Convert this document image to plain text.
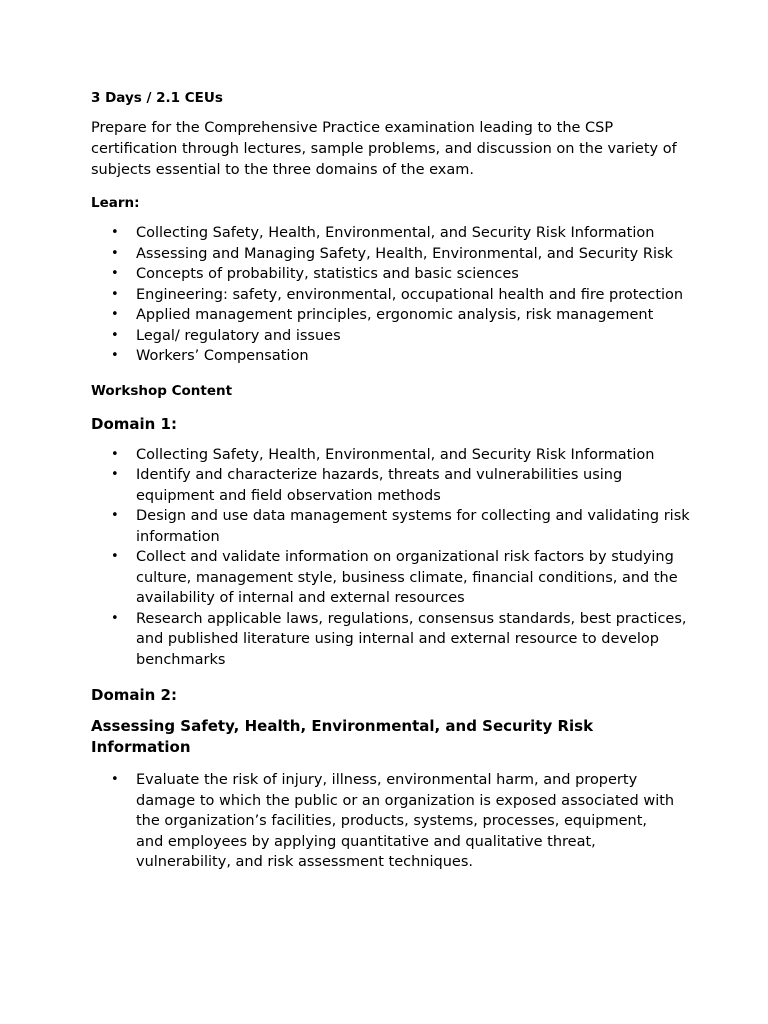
3 Days / 2.1 CEUs
Prepare for the Comprehensive Practice examination leading to the CSP certification through lectures, sample problems, and discussion on the variety of subjects essential to the three domains of the exam.
Learn:
• Collecting Safety, Health, Environmental, and Security Risk Information
• Assessing and Managing Safety, Health, Environmental, and Security Risk
• Concepts of probability, statistics and basic sciences
• Engineering: safety, environmental, occupational health and fire protection
• Applied management principles, ergonomic analysis, risk management
• Legal/ regulatory and issues
• Workers’ Compensation
Workshop Content
Domain 1:
• Collecting Safety, Health, Environmental, and Security Risk Information
• Identify and characterize hazards, threats and vulnerabilities using equipment and field observation methods
• Design and use data management systems for collecting and validating risk information
• Collect and validate information on organizational risk factors by studying culture, management style, business climate, financial conditions, and the availability of internal and external resources
• Research applicable laws, regulations, consensus standards, best practices, and published literature using internal and external resource to develop benchmarks
Domain 2:
Assessing Safety, Health, Environmental, and Security Risk Information
• Evaluate the risk of injury, illness, environmental harm, and property damage to which the public or an organization is exposed associated with the organization’s facilities, products, systems, processes, equipment, and employees by applying quantitative and qualitative threat, vulnerability, and risk assessment techniques.
